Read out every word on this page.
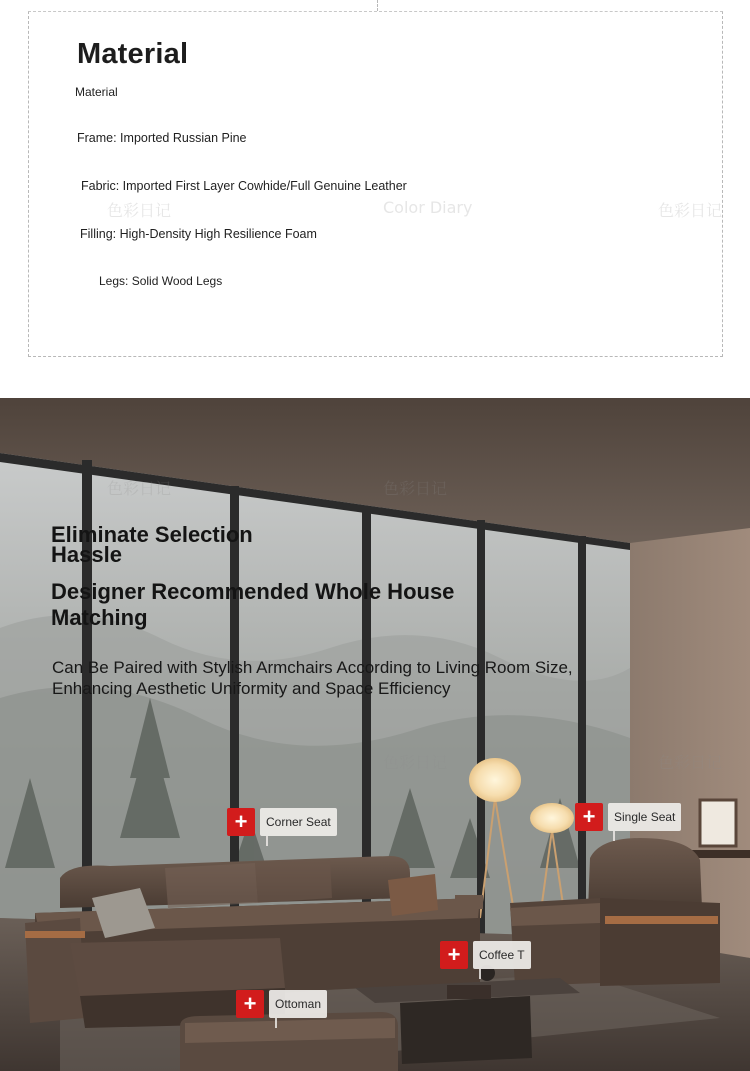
Material
Material
Frame: Imported Russian Pine
Fabric: Imported First Layer Cowhide/Full Genuine Leather
Filling: High-Density High Resilience Foam
Legs: Solid Wood Legs
色彩日记	Color Diary	色彩日记
色彩日记	色彩日记
色彩日记	色彩日记
Eliminate Selection Hassle
Designer Recommended Whole House Matching
Can Be Paired with Stylish Armchairs According to Living Room Size, Enhancing Aesthetic Uniformity and Space Efficiency
+	Corner Seat	+	Single Seat
+	Coffee T
+	Ottoman
